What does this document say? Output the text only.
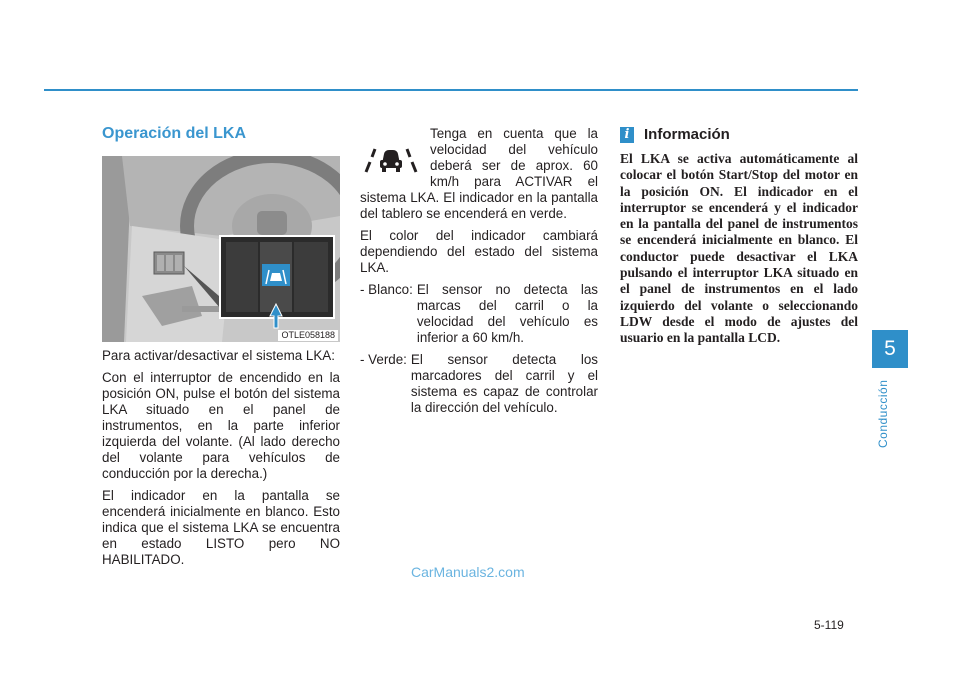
Operación del LKA
OTLE058188

Para activar/desactivar el sistema LKA:

Con el interruptor de encendido en la posición ON, pulse el botón del sistema LKA situado en el panel de instrumentos, en la parte inferior izquierda del volante. (Al lado derecho del volante para vehículos de conducción por la derecha.)

El indicador en la pantalla se encenderá inicialmente en blanco. Esto indica que el sistema LKA se encuentra en estado LISTO pero NO HABILITADO.

Tenga en cuenta que la velocidad del vehículo deberá ser de aprox. 60 km/h para ACTIVAR el sistema LKA. El indicador en la pantalla del tablero se encenderá en verde.

El color del indicador cambiará dependiendo del estado del sistema LKA.

- Blanco: El sensor no detecta las marcas del carril o la velocidad del vehículo es inferior a 60 km/h.
- Verde: El sensor detecta los marcadores del carril y el sistema es capaz de controlar la dirección del vehículo.
i Información

El LKA se activa automáticamente al colocar el botón Start/Stop del motor en la posición ON. El indicador en el interruptor se encenderá y el indicador en la pantalla del panel de instrumentos se encenderá inicialmente en blanco. El conductor puede desactivar el LKA pulsando el interruptor LKA situado en el panel de instrumentos en el lado izquierdo del volante o seleccionando LDW desde el modo de ajustes del usuario en la pantalla LCD.	5
Conducción
5-119
CarManuals2.com
